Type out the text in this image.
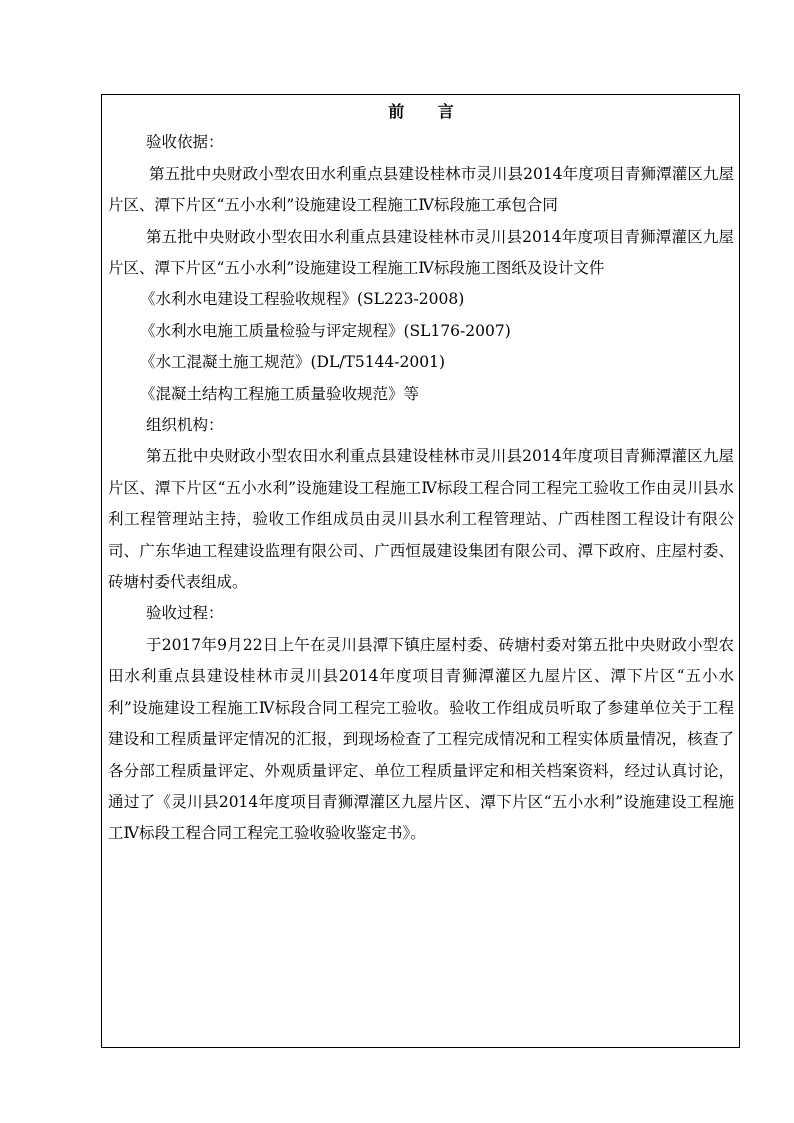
前 言

验收依据：

第五批中央财政小型农田水利重点县建设桂林市灵川县2014年度项目青狮潭灌区九屋片区、潭下片区“五小水利”设施建设工程施工Ⅳ标段施工承包合同

第五批中央财政小型农田水利重点县建设桂林市灵川县2014年度项目青狮潭灌区九屋片区、潭下片区“五小水利”设施建设工程施工Ⅳ标段施工图纸及设计文件

《水利水电建设工程验收规程》(SL223-2008)

《水利水电施工质量检验与评定规程》(SL176-2007)

《水工混凝土施工规范》(DL/T5144-2001)

《混凝土结构工程施工质量验收规范》等

组织机构：

第五批中央财政小型农田水利重点县建设桂林市灵川县2014年度项目青狮潭灌区九屋片区、潭下片区“五小水利”设施建设工程施工Ⅳ标段工程合同工程完工验收工作由灵川县水利工程管理站主持，验收工作组成员由灵川县水利工程管理站、广西桂图工程设计有限公司、广东华迪工程建设监理有限公司、广西恒晟建设集团有限公司、潭下政府、庄屋村委、砖塘村委代表组成。

验收过程：

于2017年9月22日上午在灵川县潭下镇庄屋村委、砖塘村委对第五批中央财政小型农田水利重点县建设桂林市灵川县2014年度项目青狮潭灌区九屋片区、潭下片区“五小水利”设施建设工程施工Ⅳ标段合同工程完工验收。验收工作组成员听取了参建单位关于工程建设和工程质量评定情况的汇报，到现场检查了工程完成情况和工程实体质量情况，核查了各分部工程质量评定、外观质量评定、单位工程质量评定和相关档案资料，经过认真讨论，通过了《灵川县2014年度项目青狮潭灌区九屋片区、潭下片区“五小水利”设施建设工程施工Ⅳ标段工程合同工程完工验收验收鉴定书》。
